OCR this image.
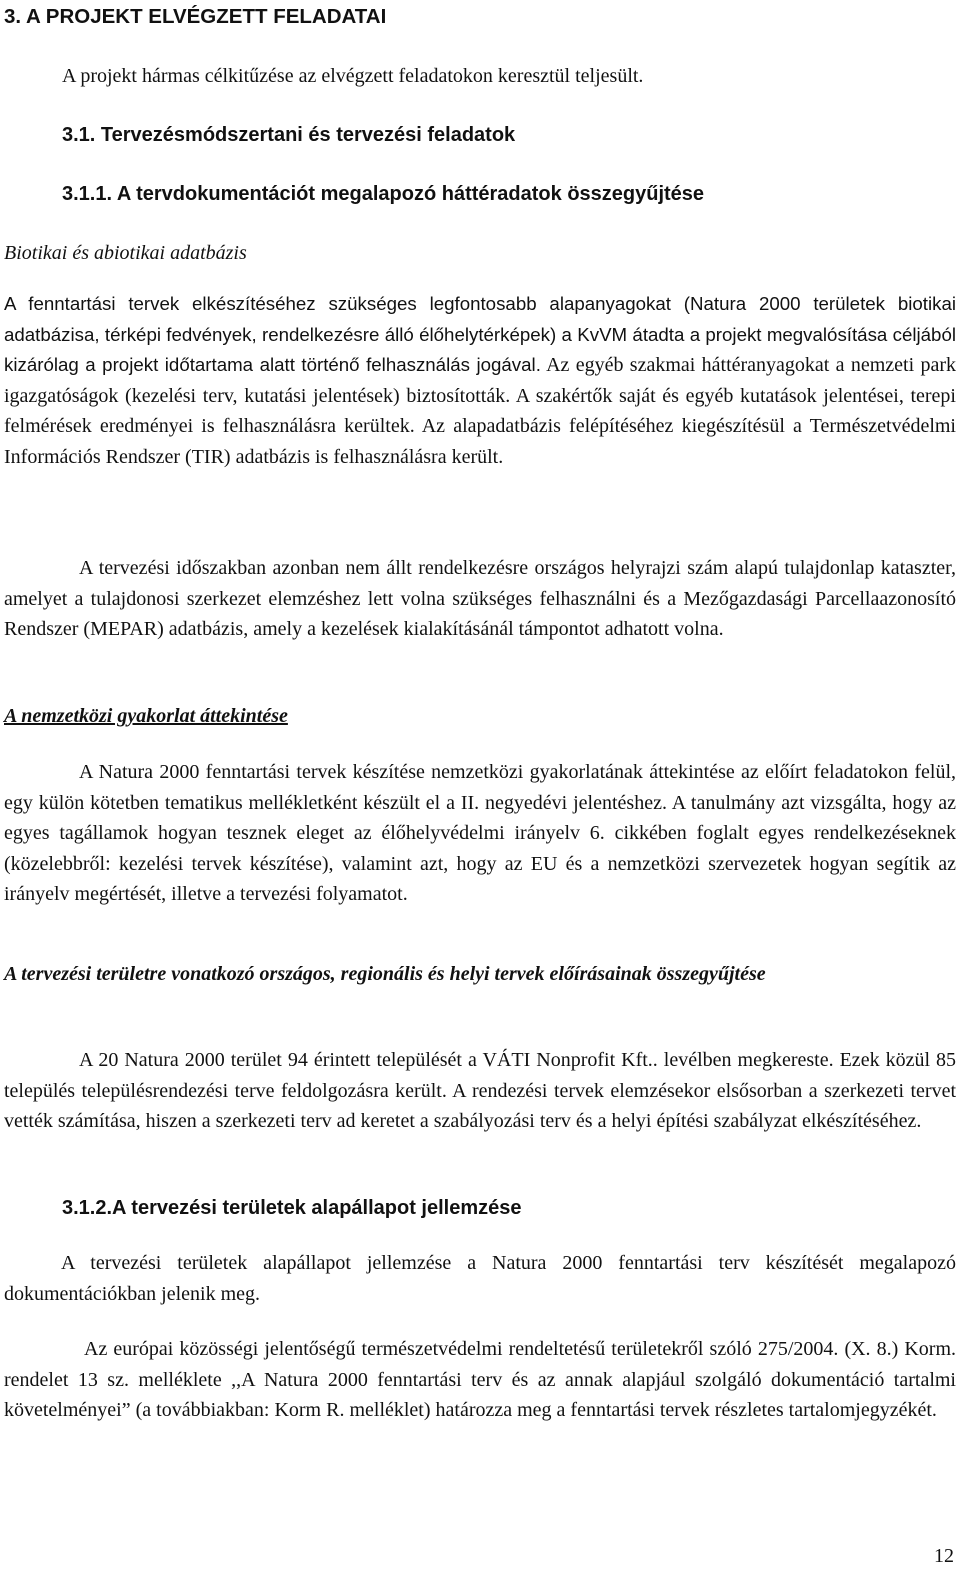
3. A PROJEKT ELVÉGZETT FELADATAI

A projekt hármas célkitűzése az elvégzett feladatokon keresztül teljesült.

3.1. Tervezésmódszertani és tervezési feladatok

3.1.1. A tervdokumentációt megalapozó háttéradatok összegyűjtése

Biotikai és abiotikai adatbázis

A fenntartási tervek elkészítéséhez szükséges legfontosabb alapanyagokat (Natura 2000 területek biotikai adatbázisa, térképi fedvények, rendelkezésre álló élőhelytérképek) a KvVM átadta a projekt megvalósítása céljából kizárólag a projekt időtartama alatt történő felhasználás jogával. Az egyéb szakmai háttéranyagokat a nemzeti park igazgatóságok (kezelési terv, kutatási jelentések) biztosították. A szakértők saját és egyéb kutatások jelentései, terepi felmérések eredményei is felhasználásra kerültek. Az alapadatbázis felépítéséhez kiegészítésül a Természetvédelmi Információs Rendszer (TIR) adatbázis is felhasználásra került.

A tervezési időszakban azonban nem állt rendelkezésre országos helyrajzi szám alapú tulajdonlap kataszter, amelyet a tulajdonosi szerkezet elemzéshez lett volna szükséges felhasználni és a Mezőgazdasági Parcellaazonosító Rendszer (MEPAR) adatbázis, amely a kezelések kialakításánál támpontot adhatott volna.

A nemzetközi gyakorlat áttekintése

A Natura 2000 fenntartási tervek készítése nemzetközi gyakorlatának áttekintése az előírt feladatokon felül, egy külön kötetben tematikus mellékletként készült el a II. negyedévi jelentéshez. A tanulmány azt vizsgálta, hogy az egyes tagállamok hogyan tesznek eleget az élőhelyvédelmi irányelv 6. cikkében foglalt egyes rendelkezéseknek (közelebbről: kezelési tervek készítése), valamint azt, hogy az EU és a nemzetközi szervezetek hogyan segítik az irányelv megértését, illetve a tervezési folyamatot.

A tervezési területre vonatkozó országos, regionális és helyi tervek előírásainak összegyűjtése

A 20 Natura 2000 terület 94 érintett települését a VÁTI Nonprofit Kft.. levélben megkereste. Ezek közül 85 település településrendezési terve feldolgozásra került. A rendezési tervek elemzésekor elsősorban a szerkezeti tervet vették számítása, hiszen a szerkezeti terv ad keretet a szabályozási terv és a helyi építési szabályzat elkészítéséhez.

3.1.2.A tervezési területek alapállapot jellemzése

A tervezési területek alapállapot jellemzése a Natura 2000 fenntartási terv készítését megalapozó dokumentációkban jelenik meg.

Az európai közösségi jelentőségű természetvédelmi rendeltetésű területekről szóló 275/2004. (X. 8.) Korm. rendelet 13 sz. melléklete ,,A Natura 2000 fenntartási terv és az annak alapjául szolgáló dokumentáció tartalmi követelményei” (a továbbiakban: Korm R. melléklet) határozza meg a fenntartási tervek részletes tartalomjegyzékét.

12
